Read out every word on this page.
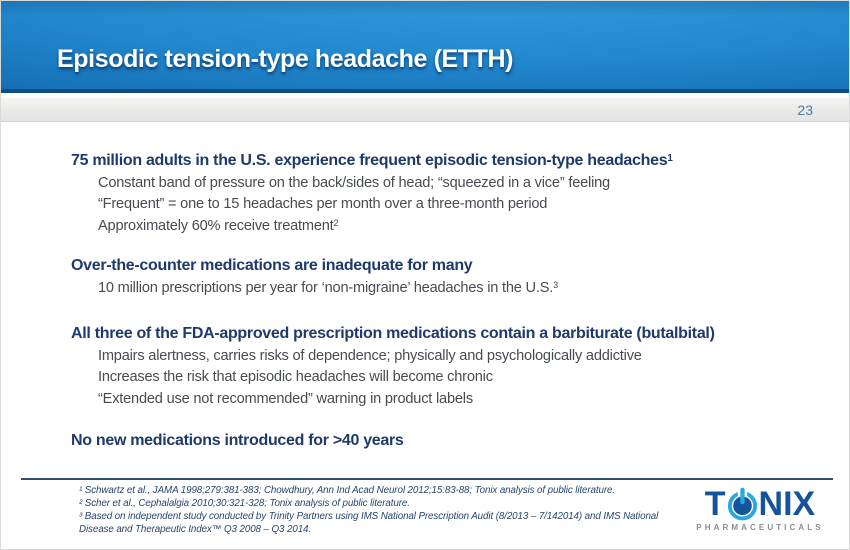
Episodic tension-type headache (ETTH)
23
75 million adults in the U.S. experience frequent episodic tension-type headaches$^1$
Constant band of pressure on the back/sides of head; “squeezed in a vice” feeling
“Frequent” = one to 15 headaches per month over a three-month period
Approximately 60% receive treatment$^2$
Over-the-counter medications are inadequate for many
10 million prescriptions per year for ‘non-migraine’ headaches in the U.S.$^3$
All three of the FDA-approved prescription medications contain a barbiturate (butalbital)
Impairs alertness, carries risks of dependence; physically and psychologically addictive
Increases the risk that episodic headaches will become chronic
“Extended use not recommended” warning in product labels
No new medications introduced for >40 years

¹ Schwartz et al., JAMA 1998;279:381-383; Chowdhury, Ann Ind Acad Neurol 2012;15:83-88; Tonix analysis of public literature.

² Scher et al., Cephalalgia 2010;30:321-328; Tonix analysis of public literature.

³ Based on independent study conducted by Trinity Partners using IMS National Prescription Audit (8/2013 – 7/142014) and IMS National Disease and Therapeutic Index™ Q3 2008 – Q3 2014.

T NIX
PHARMACEUTICALS
